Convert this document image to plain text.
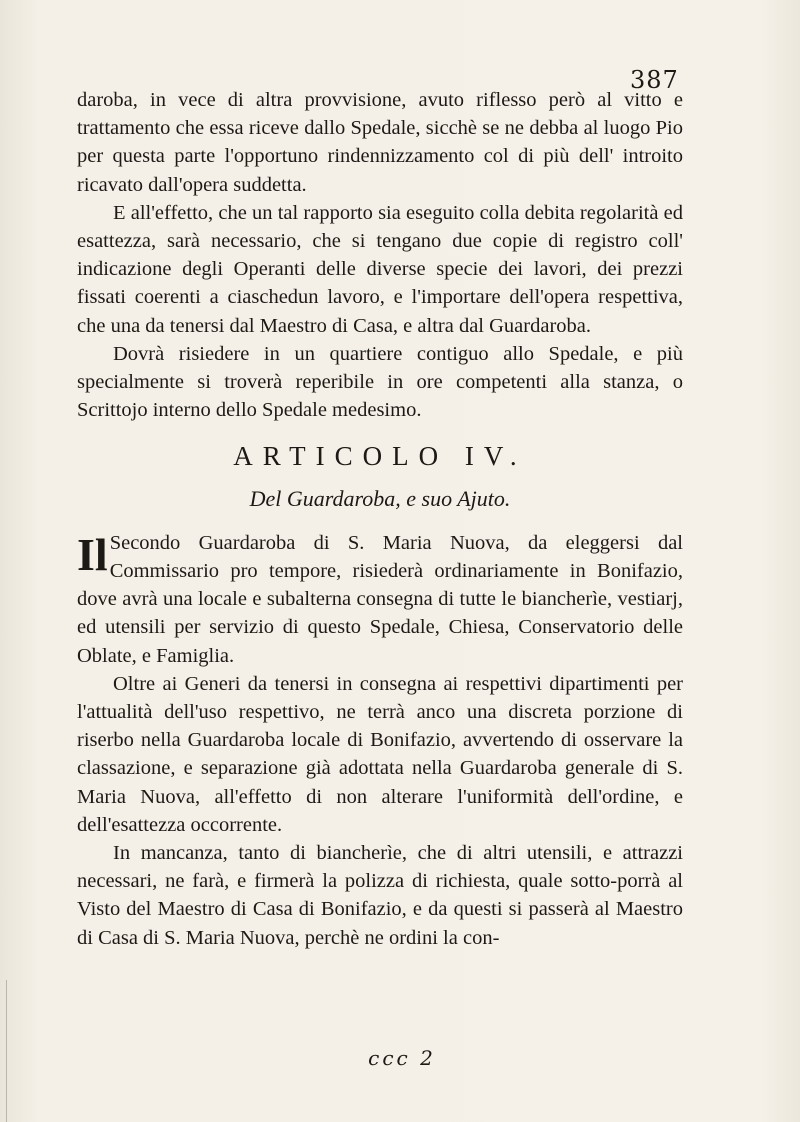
387

daroba, in vece di altra provvisione, avuto riflesso però al vitto e trattamento che essa riceve dallo Spedale, sicchè se ne debba al luogo Pio per questa parte l'opportuno rindennizzamento col di più dell' introito ricavato dall'opera suddetta.

E all'effetto, che un tal rapporto sia eseguito colla debita regolarità ed esattezza, sarà necessario, che si tengano due copie di registro coll' indicazione degli Operanti delle diverse specie dei lavori, dei prezzi fissati coerenti a ciaschedun lavoro, e l'importare dell'opera respettiva, che una da tenersi dal Maestro di Casa, e altra dal Guardaroba.

Dovrà risiedere in un quartiere contiguo allo Spedale, e più specialmente si troverà reperibile in ore competenti alla stanza, o Scrittojo interno dello Spedale medesimo.

ARTICOLO IV.
Del Guardaroba, e suo Ajuto.

Il Secondo Guardaroba di S. Maria Nuova, da eleggersi dal Commissario pro tempore, risiederà ordinariamente in Bonifazio, dove avrà una locale e subalterna consegna di tutte le biancherìe, vestiarj, ed utensili per servizio di questo Spedale, Chiesa, Conservatorio delle Oblate, e Famiglia.

Oltre ai Generi da tenersi in consegna ai respettivi dipartimenti per l'attualità dell'uso respettivo, ne terrà anco una discreta porzione di riserbo nella Guardaroba locale di Bonifazio, avvertendo di osservare la classazione, e separazione già adottata nella Guardaroba generale di S. Maria Nuova, all'effetto di non alterare l'uniformità dell'ordine, e dell'esattezza occorrente.

In mancanza, tanto di biancherìe, che di altri utensili, e attrazzi necessari, ne farà, e firmerà la polizza di richiesta, quale sotto-porrà al Visto del Maestro di Casa di Bonifazio, e da questi si passerà al Maestro di Casa di S. Maria Nuova, perchè ne ordini la con-

ccc 2
